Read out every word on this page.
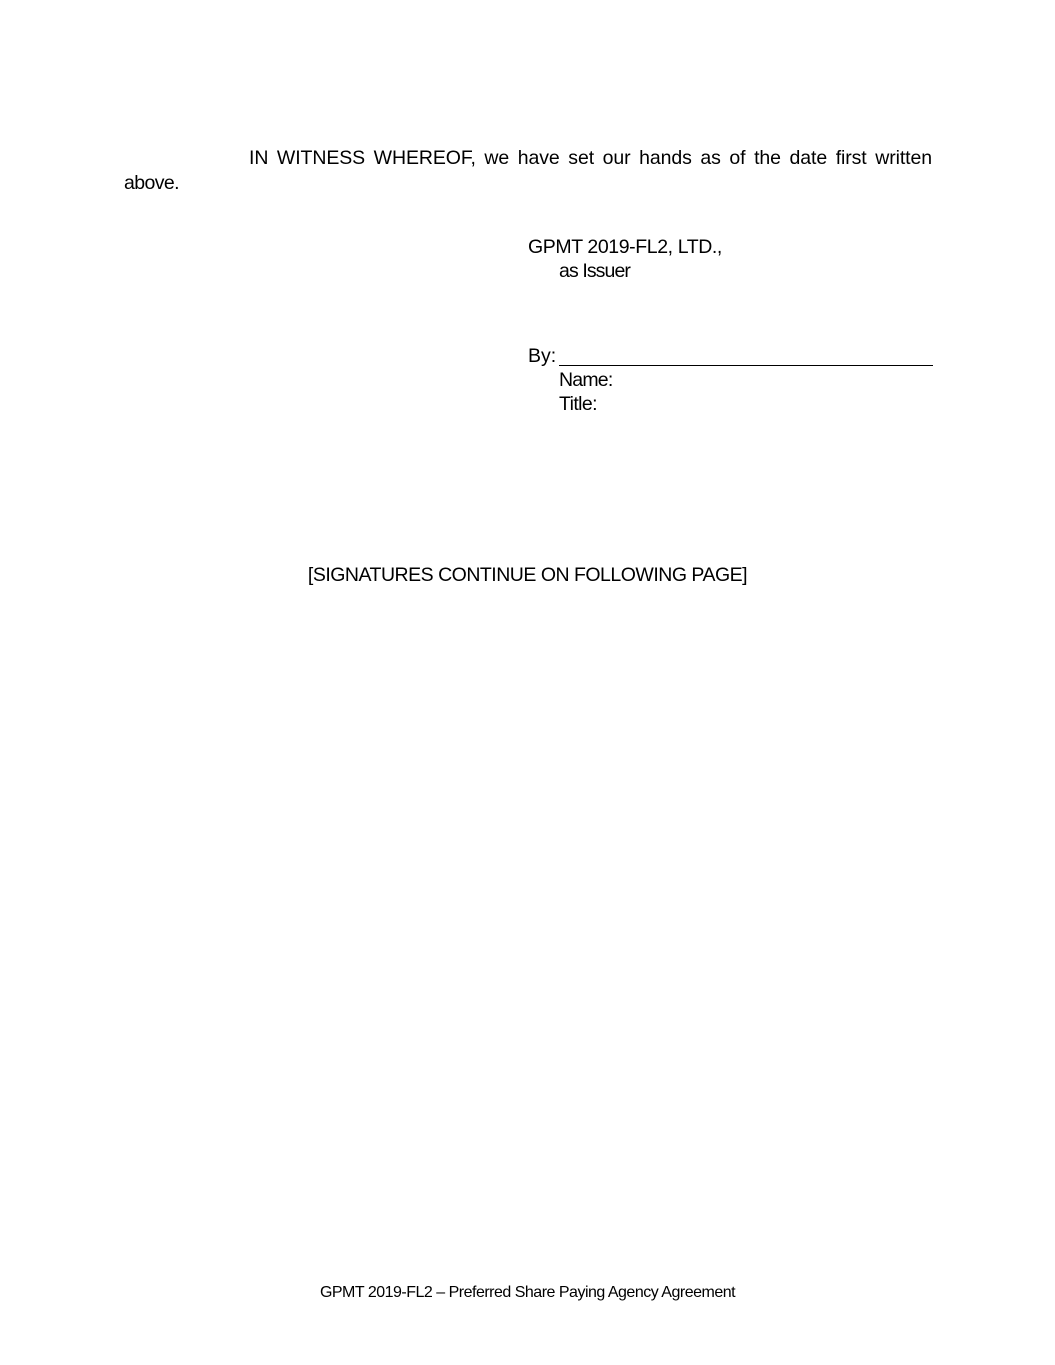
IN WITNESS WHEREOF, we have set our hands as of the date first written
above.
GPMT 2019-FL2, LTD.,
as Issuer
By:
Name:
Title:
[SIGNATURES CONTINUE ON FOLLOWING PAGE]
GPMT 2019-FL2 – Preferred Share Paying Agency Agreement
